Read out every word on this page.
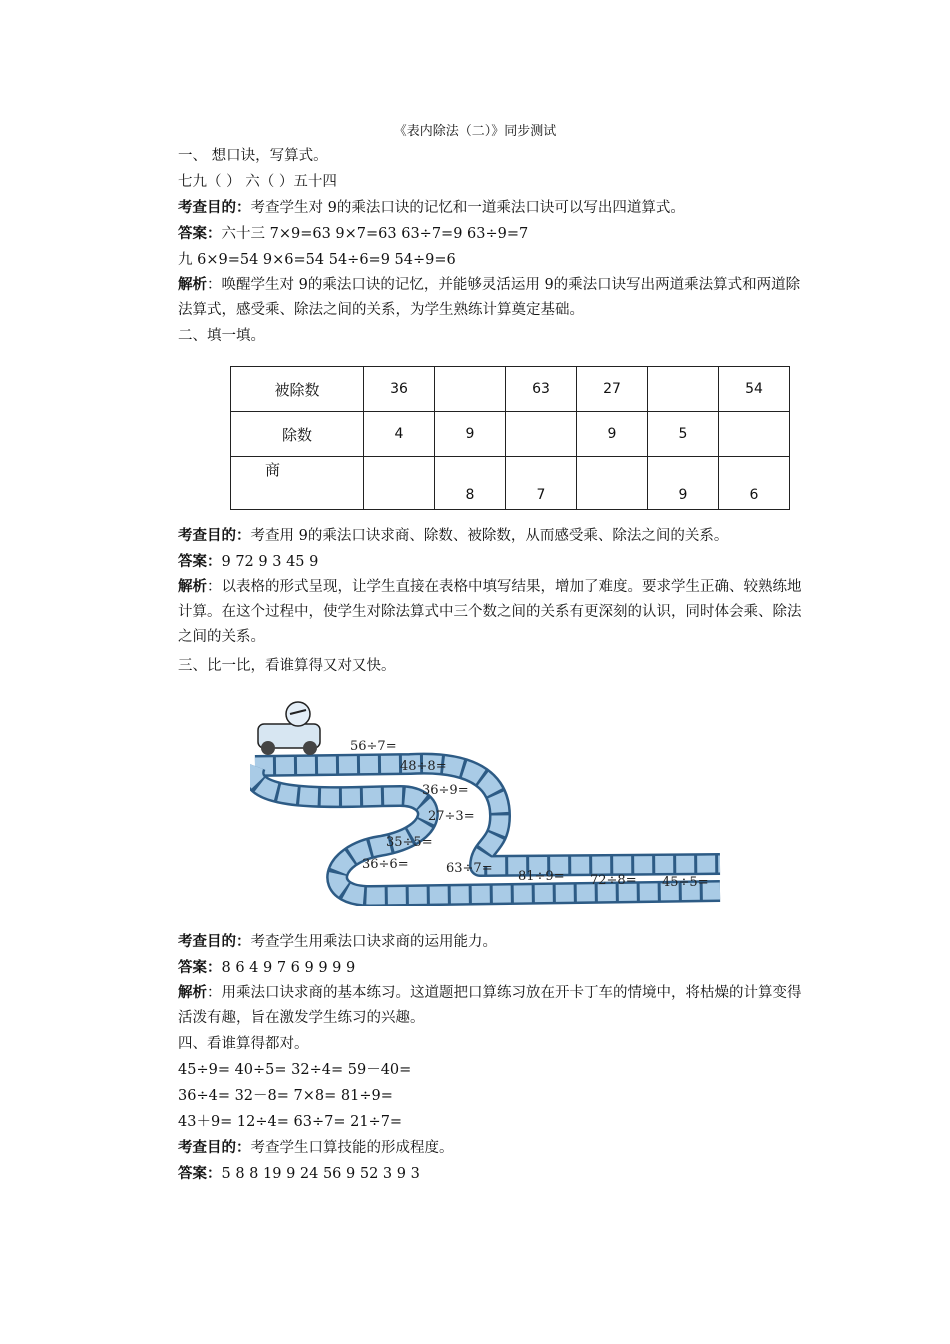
《表内除法（二）》同步测试
一、 想口诀，写算式。
七九（ ） 六（ ）五十四
考查目的：考查学生对 9的乘法口诀的记忆和一道乘法口诀可以写出四道算式。
答案：六十三 7×9=63 9×7=63 63÷7=9 63÷9=7
九 6×9=54 9×6=54 54÷6=9 54÷9=6
解析：唤醒学生对 9的乘法口诀的记忆，并能够灵活运用 9的乘法口诀写出两道乘法算式和两道除法算式，感受乘、除法之间的关系，为学生熟练计算奠定基础。
二、填一填。
被除数	36		63	27		54
除数	4	9		9	5	
商		8	7		9	6
考查目的：考查用 9的乘法口诀求商、除数、被除数，从而感受乘、除法之间的关系。
答案：9 72 9 3 45 9
解析：以表格的形式呈现，让学生直接在表格中填写结果，增加了难度。要求学生正确、较熟练地计算。在这个过程中，使学生对除法算式中三个数之间的关系有更深刻的认识，同时体会乘、除法之间的关系。
三、比一比，看谁算得又对又快。
56÷7=
48÷8=
36÷9=
27÷3=
35÷5=
36÷6=	63÷7=
81÷9= 72÷8= 45÷5=
考查目的：考查学生用乘法口诀求商的运用能力。
答案：8 6 4 9 7 6 9 9 9 9
解析：用乘法口诀求商的基本练习。这道题把口算练习放在开卡丁车的情境中，将枯燥的计算变得活泼有趣，旨在激发学生练习的兴趣。
四、看谁算得都对。
45÷9= 40÷5= 32÷4= 59－40=
36÷4= 32－8= 7×8= 81÷9=
43＋9= 12÷4= 63÷7= 21÷7=
考查目的：考查学生口算技能的形成程度。
答案：5 8 8 19 9 24 56 9 52 3 9 3
